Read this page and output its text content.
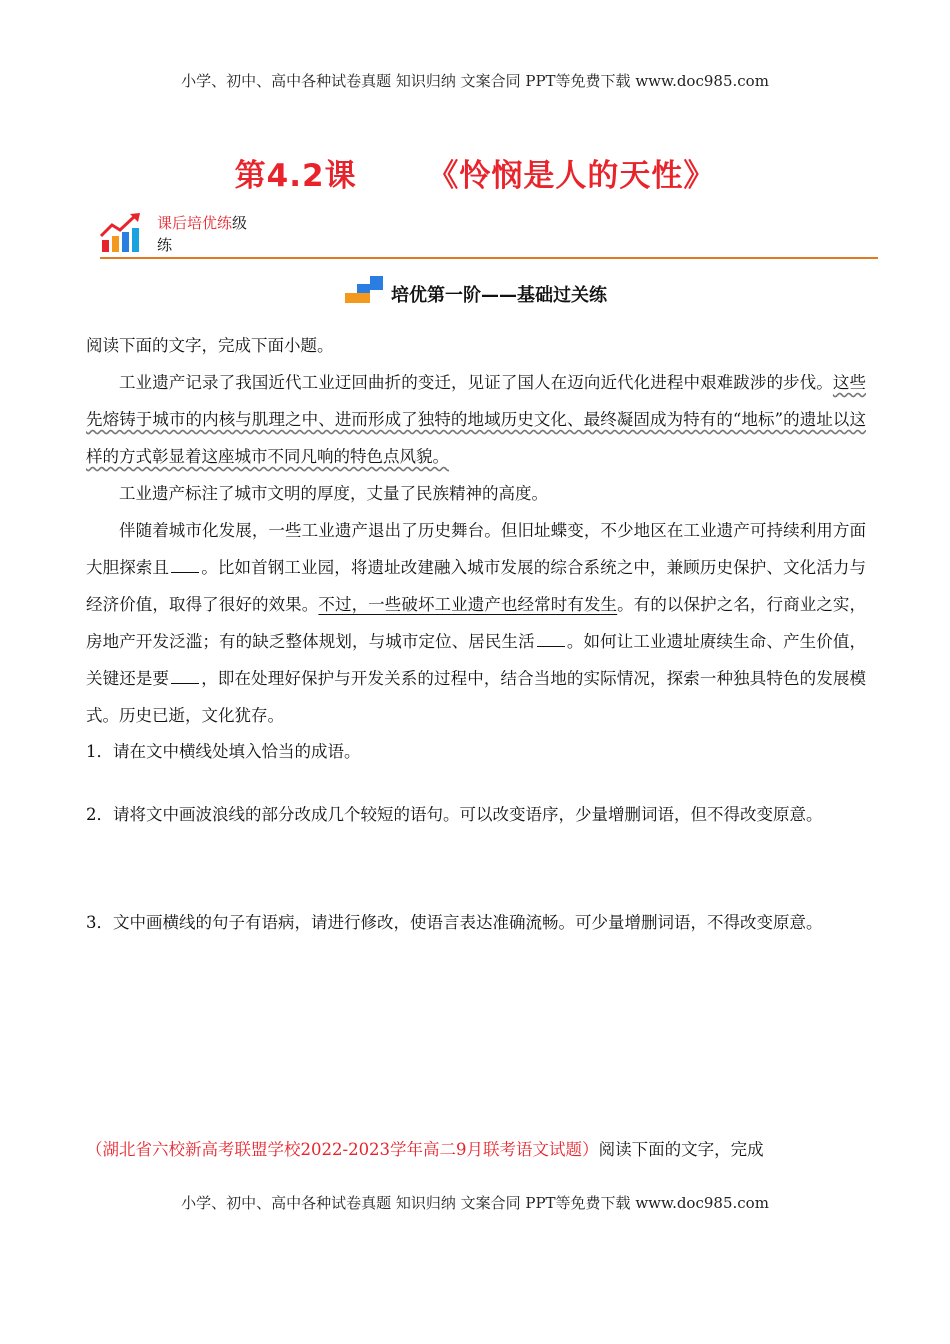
小学、初中、高中各种试卷真题 知识归纳 文案合同 PPT等免费下载 www.doc985.com
第4.2课      《怜悯是人的天性》
课后培优练级
练
培优第一阶——基础过关练

阅读下面的文字，完成下面小题。

工业遗产记录了我国近代工业迂回曲折的变迁，见证了国人在迈向近代化进程中艰难跋涉的步伐。这些先熔铸于城市的内核与肌理之中、进而形成了独特的地域历史文化、最终凝固成为特有的“地标”的遗址以这样的方式彰显着这座城市不同凡响的特色点风貌。

工业遗产标注了城市文明的厚度，丈量了民族精神的高度。

伴随着城市化发展，一些工业遗产退出了历史舞台。但旧址蝶变，不少地区在工业遗产可持续利用方面大胆探索且 。比如首钢工业园，将遗址改建融入城市发展的综合系统之中，兼顾历史保护、文化活力与经济价值，取得了很好的效果。不过，一些破坏工业遗产也经常时有发生。有的以保护之名，行商业之实，房地产开发泛滥；有的缺乏整体规划，与城市定位、居民生活 。如何让工业遗址赓续生命、产生价值，关键还是要 ，即在处理好保护与开发关系的过程中，结合当地的实际情况，探索一种独具特色的发展模式。历史已逝，文化犹存。

1．请在文中横线处填入恰当的成语。

2．请将文中画波浪线的部分改成几个较短的语句。可以改变语序，少量增删词语，但不得改变原意。

3．文中画横线的句子有语病，请进行修改，使语言表达准确流畅。可少量增删词语，不得改变原意。

（湖北省六校新高考联盟学校2022-2023学年高二9月联考语文试题）阅读下面的文字，完成
小学、初中、高中各种试卷真题 知识归纳 文案合同 PPT等免费下载 www.doc985.com
